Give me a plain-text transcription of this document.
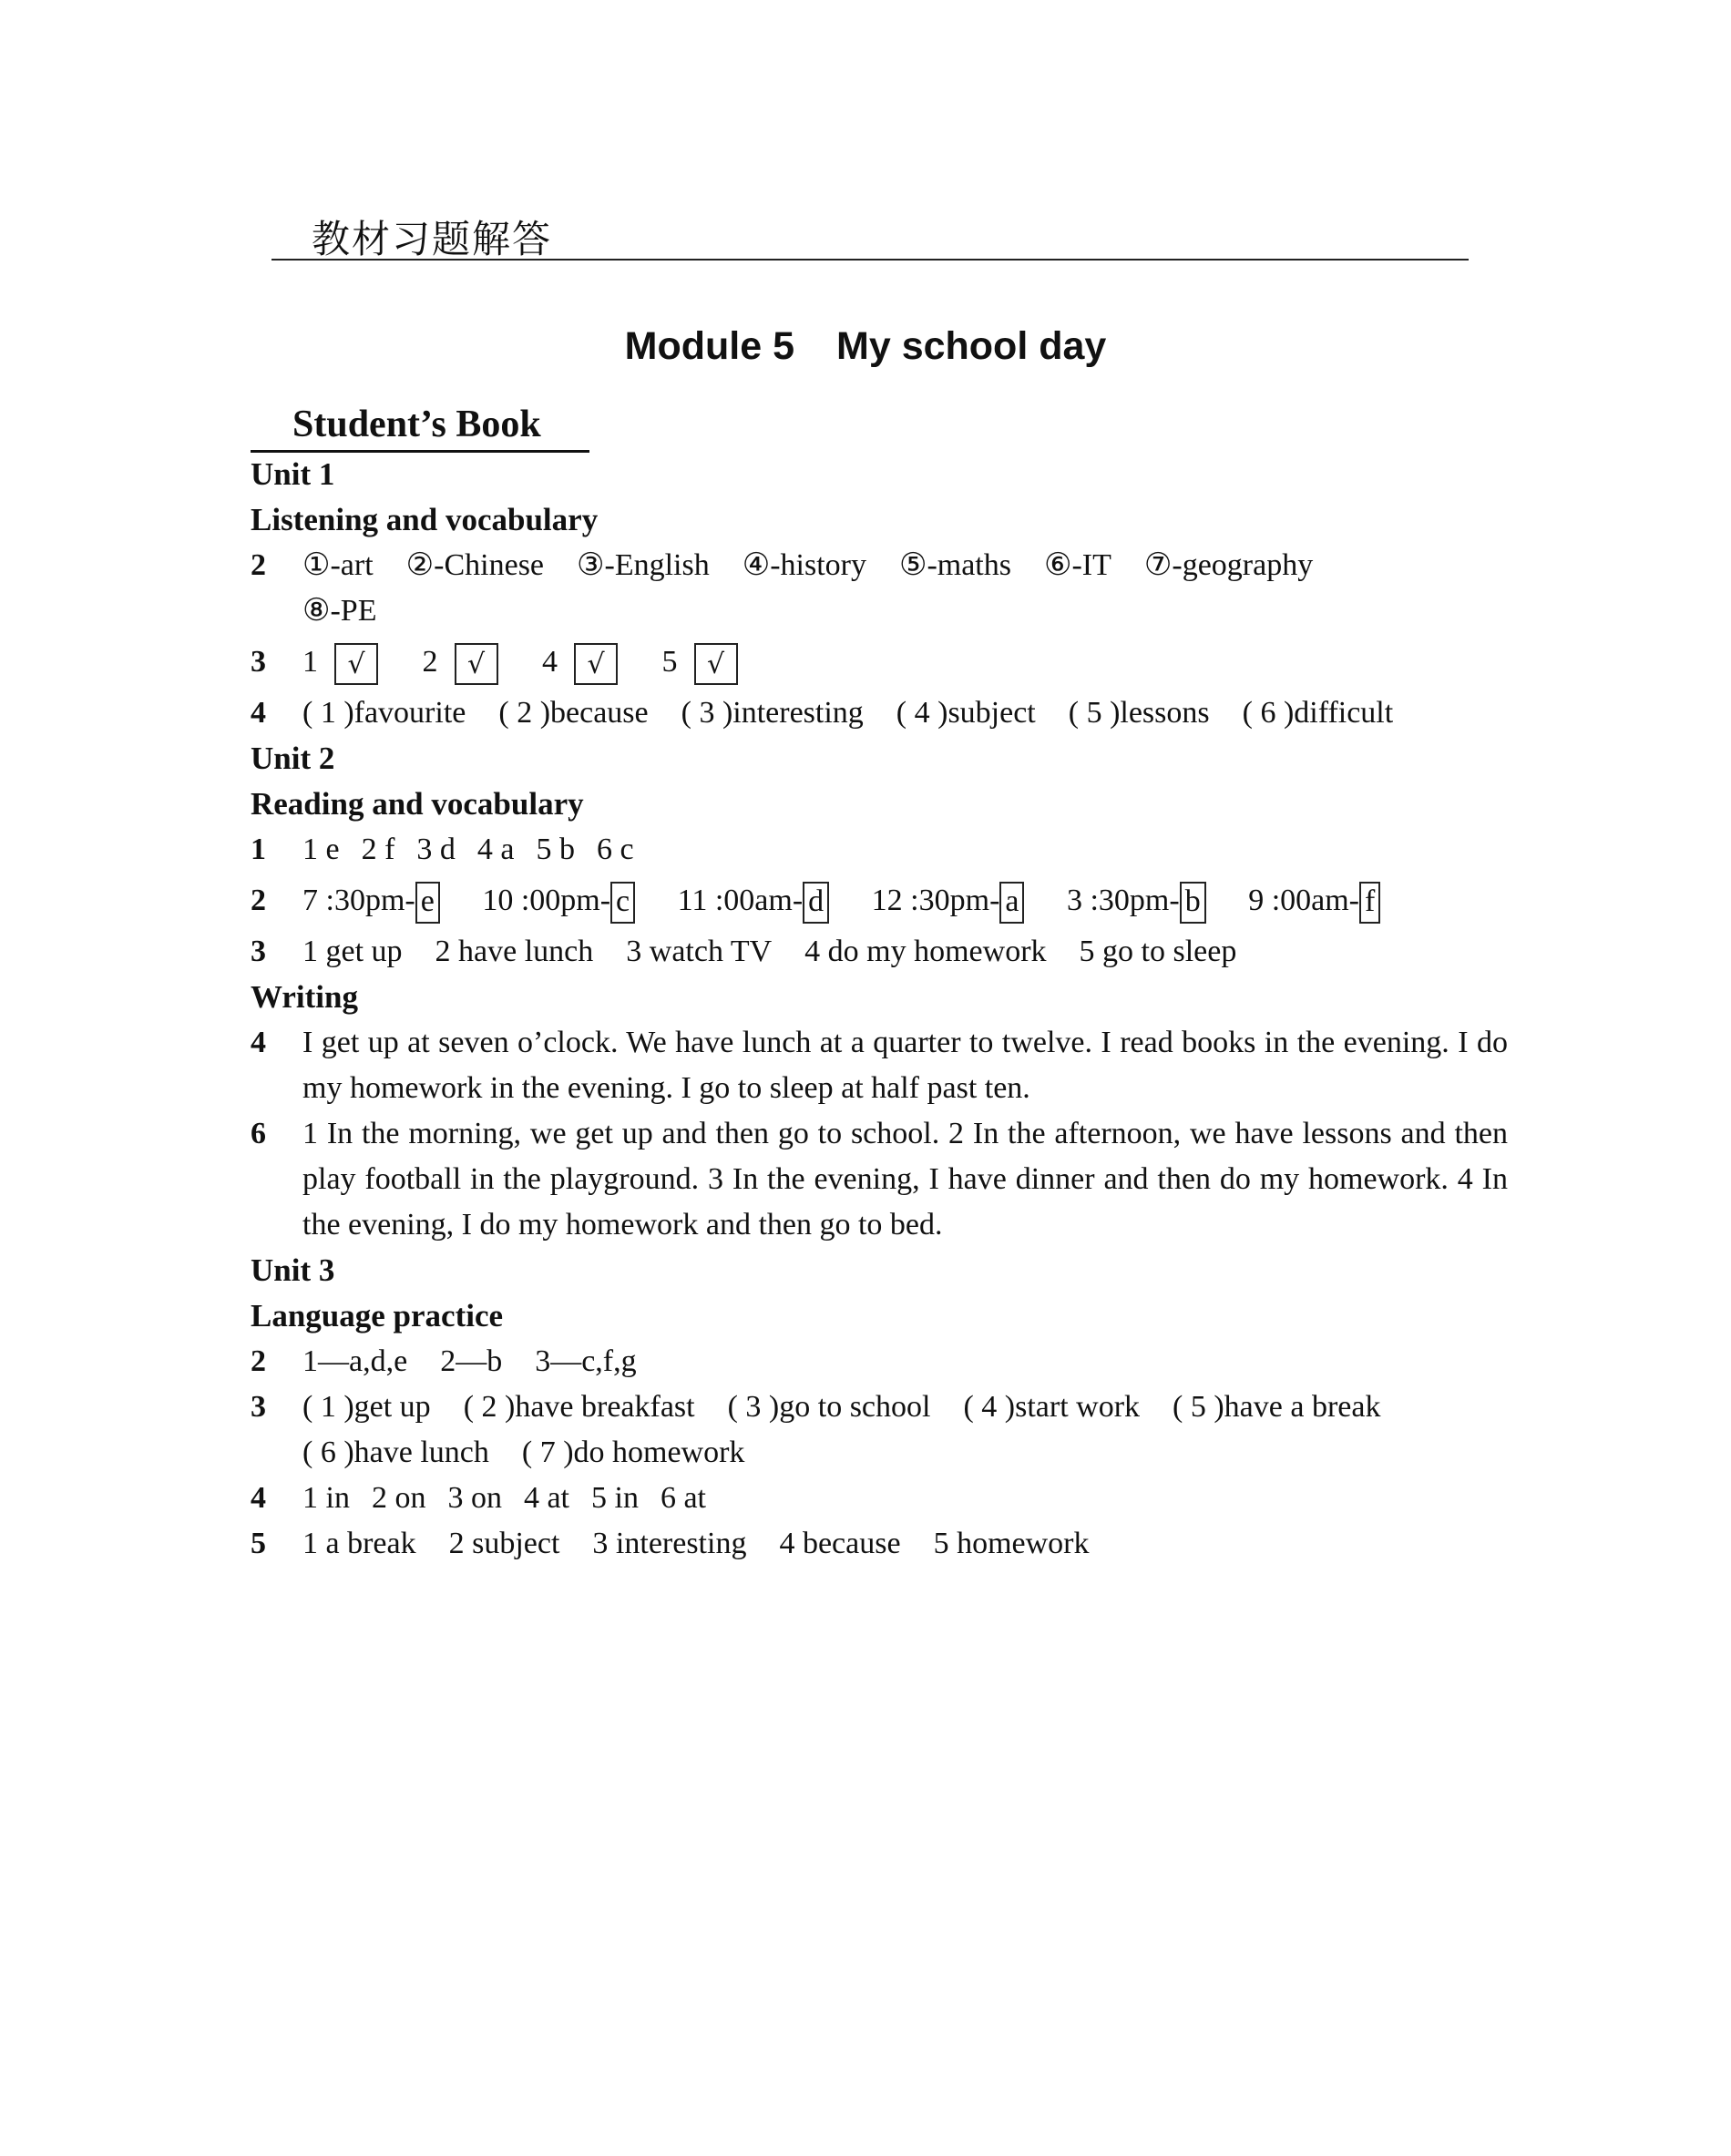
教材习题解答
Module 5 My school day
Student’s Book
Unit 1
Listening and vocabulary
2 ①-art ②-Chinese ③-English ④-history ⑤-maths ⑥-IT ⑦-geography
⑧-PE
3 1 √ 2 √ 4 √ 5 √
4 ( 1 )favourite ( 2 )because ( 3 )interesting ( 4 )subject ( 5 )lessons ( 6 )difficult
Unit 2
Reading and vocabulary
1 1 e 2 f 3 d 4 a 5 b 6 c
2 7 :30pm- e 10 :00pm- c 11 :00am- d 12 :30pm- a 3 :30pm- b 9 :00am- f
3 1 get up 2 have lunch 3 watch TV 4 do my homework 5 go to sleep
Writing
4 I get up at seven o’clock. We have lunch at a quarter to twelve. I read books in the evening. I do my homework in the evening. I go to sleep at half past ten.
6 1 In the morning, we get up and then go to school. 2 In the afternoon, we have lessons and then play football in the playground. 3 In the evening, I have dinner and then do my homework. 4 In the evening, I do my homework and then go to bed.
Unit 3
Language practice
2 1—a,d,e 2—b 3—c,f,g
3 ( 1 )get up ( 2 )have breakfast ( 3 )go to school ( 4 )start work ( 5 )have a break
( 6 )have lunch ( 7 )do homework
4 1 in 2 on 3 on 4 at 5 in 6 at
5 1 a break 2 subject 3 interesting 4 because 5 homework
